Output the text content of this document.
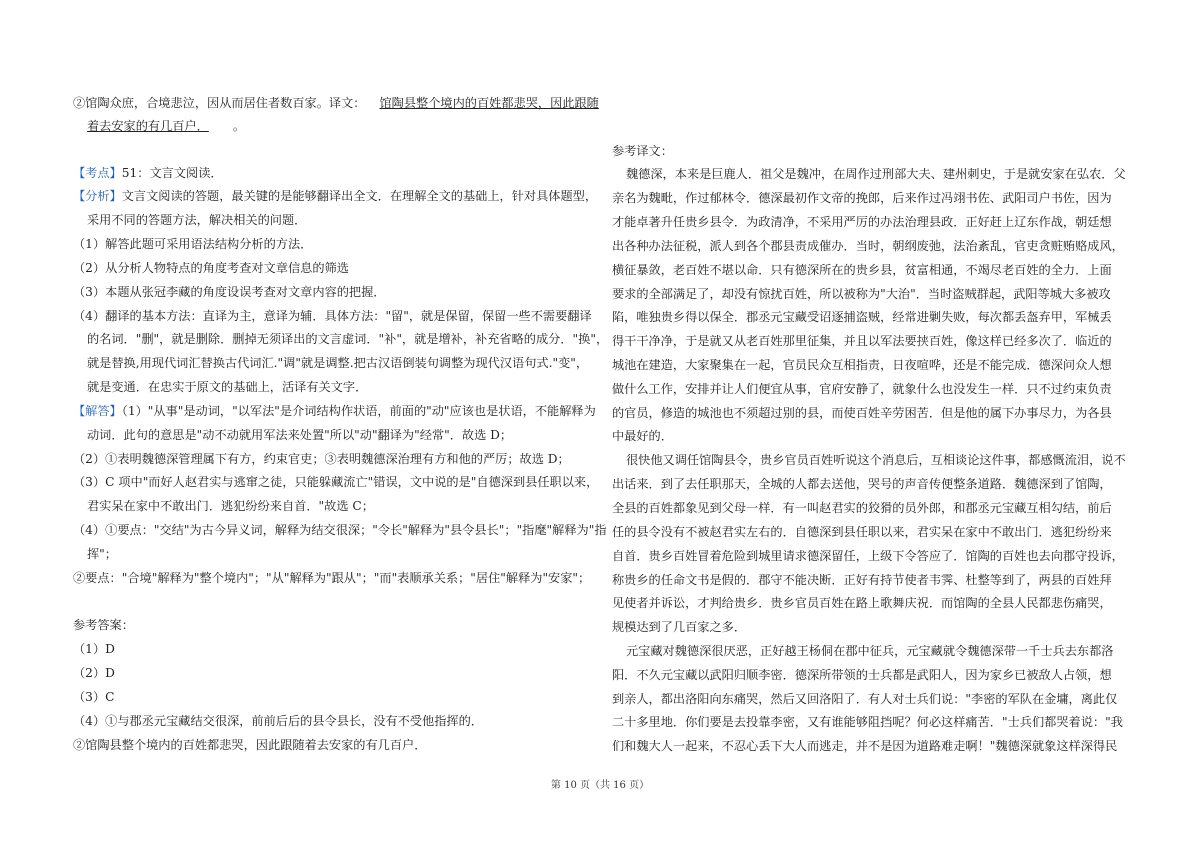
②馆陶众庶，合境悲泣，因从而居住者数百家。译文： 馆陶县整个境内的百姓都悲哭，因此跟随
着去安家的有几百户． 。
【考点】51：文言文阅读．
【分析】文言文阅读的答题，最关键的是能够翻译出全文．在理解全文的基础上，针对具体题型，
采用不同的答题方法，解决相关的问题．
（1）解答此题可采用语法结构分析的方法．
（2）从分析人物特点的角度考查对文章信息的筛选
（3）本题从张冠李藏的角度设误考查对文章内容的把握．
（4）翻译的基本方法：直译为主，意译为辅．具体方法："留"，就是保留，保留一些不需要翻译
的名词．"删"，就是删除．删掉无须译出的文言虚词．"补"，就是增补，补充省略的成分．"换"，
就是替换,用现代词汇替换古代词汇."调"就是调整.把古汉语倒装句调整为现代汉语句式."变"，
就是变通．在忠实于原文的基础上，活译有关文字．
【解答】（1）"从事"是动词，"以军法"是介词结构作状语，前面的"动"应该也是状语，不能解释为
动词．此句的意思是"动不动就用军法来处置"所以"动"翻译为"经常"．故选 D；
（2）①表明魏德深管理属下有方，约束官吏；③表明魏德深治理有方和他的严厉；故选 D；
（3）C 项中"而好人赵君实与逃窜之徒，只能躲藏流亡"错误，文中说的是"自德深到县任职以来，
君实呆在家中不敢出门．逃犯纷纷来自首．"故选 C；
（4）①要点："交结"为古今异义词，解释为结交很深；"令长"解释为"县令县长"；"指麾"解释为"指
挥"；
②要点："合境"解释为"整个境内"；"从"解释为"跟从"；"而"表顺承关系；"居住"解释为"安家"；
参考答案：
（1）D
（2）D
（3）C
（4）①与郡丞元宝藏结交很深，前前后后的县令县长，没有不受他指挥的．
②馆陶县整个境内的百姓都悲哭，因此跟随着去安家的有几百户．
参考译文：
魏德深，本来是巨鹿人．祖父是魏冲，在周作过刑部大夫、建州刺史，于是就安家在弘农．父
亲名为魏毗，作过郁林令．德深最初作文帝的挽郎，后来作过冯翊书佐、武阳司户书佐，因为
才能卓著升任贵乡县令．为政清净，不采用严厉的办法治理县政．正好赶上辽东作战，朝廷想
出各种办法征税，派人到各个郡县责成催办．当时，朝纲废弛，法治紊乱，官吏贪赃贿赂成风，
横征暴敛，老百姓不堪以命．只有德深所在的贵乡县，贫富相通，不竭尽老百姓的全力．上面
要求的全部满足了，却没有惊扰百姓，所以被称为"大治"．当时盗贼群起，武阳等城大多被攻
陷，唯独贵乡得以保全．郡丞元宝藏受诏逐捕盗贼，经常进剿失败，每次都丢盔弃甲，军械丢
得干干净净，于是就又从老百姓那里征集，并且以军法要挟百姓，像这样已经多次了．临近的
城池在建造，大家聚集在一起，官员民众互相指责，日夜喧哗，还是不能完成．德深问众人想
做什么工作，安排并让人们便宜从事，官府安静了，就象什么也没发生一样．只不过约束负责
的官员，修造的城池也不须超过别的县，而使百姓辛劳困苦．但是他的属下办事尽力，为各县
中最好的．
很快他又调任馆陶县令，贵乡官员百姓听说这个消息后，互相谈论这件事，都感慨流泪，说不
出话来．到了去任职那天，全城的人都去送他，哭号的声音传便整条道路．魏德深到了馆陶，
全县的百姓都象见到父母一样．有一叫赵君实的狡猾的员外郎，和郡丞元宝藏互相勾结，前后
任的县令没有不被赵君实左右的．自德深到县任职以来，君实呆在家中不敢出门．逃犯纷纷来
自首．贵乡百姓冒着危险到城里请求德深留任，上级下令答应了．馆陶的百姓也去向郡守投诉，
称贵乡的任命文书是假的．郡守不能决断．正好有持节使者韦霁、杜整等到了，两县的百姓拜
见使者并诉讼，才判给贵乡．贵乡官员百姓在路上歌舞庆祝．而馆陶的全县人民都悲伤痛哭，
规模达到了几百家之多．
元宝藏对魏德深很厌恶，正好越王杨侗在郡中征兵，元宝藏就令魏德深带一千士兵去东都洛
阳．不久元宝藏以武阳归顺李密．德深所带领的士兵都是武阳人，因为家乡已被敌人占领，想
到亲人，都出洛阳向东痛哭，然后又回洛阳了．有人对士兵们说："李密的军队在金墉，离此仅
二十多里地．你们要是去投靠李密，又有谁能够阻挡呢？何必这样痛苦．"士兵们都哭着说："我
们和魏大人一起来，不忍心丢下大人而逃走，并不是因为道路难走啊！"魏德深就象这样深得民
第 10 页（共 16 页）
